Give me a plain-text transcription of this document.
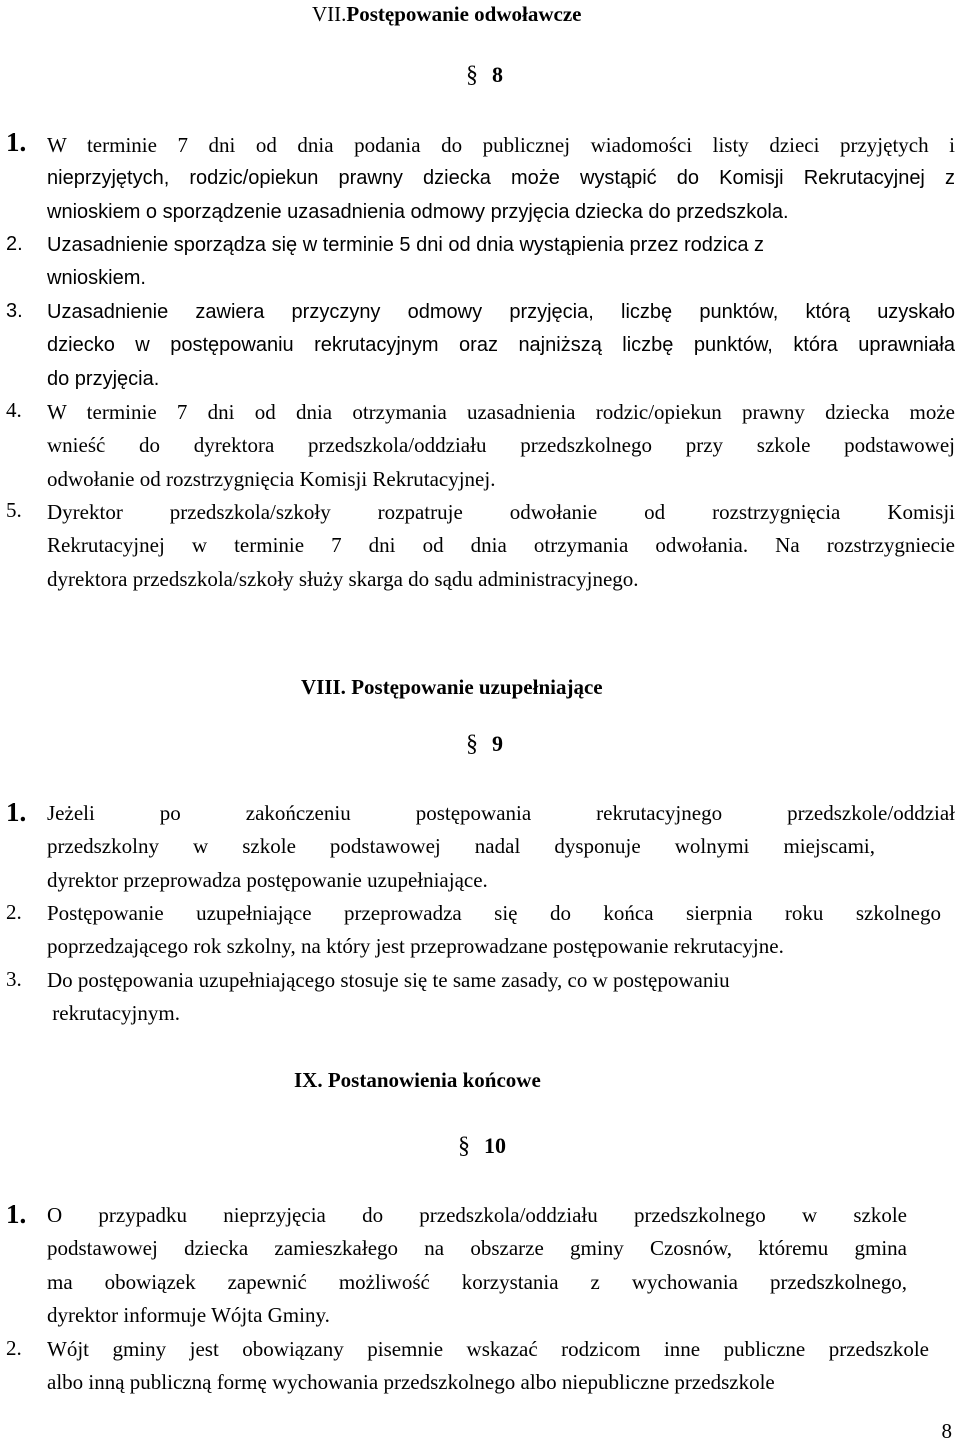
VII.Postępowanie odwoławcze
§ 8
1. W terminie 7 dni od dnia podania do publicznej wiadomości listy dzieci przyjętych i
nieprzyjętych, rodzic/opiekun prawny dziecka może wystąpić do Komisji Rekrutacyjnej z
wnioskiem o sporządzenie uzasadnienia odmowy przyjęcia dziecka do przedszkola.
2.	Uzasadnienie sporządza się w terminie 5 dni od dnia wystąpienia przez rodzica z
wnioskiem.
3.	Uzasadnienie zawiera przyczyny odmowy przyjęcia, liczbę punktów, którą uzyskało
dziecko w postępowaniu rekrutacyjnym oraz najniższą liczbę punktów, która uprawniała
do przyjęcia.
4.	W terminie 7 dni od dnia otrzymania uzasadnienia rodzic/opiekun prawny dziecka może
wnieść do dyrektora przedszkola/oddziału przedszkolnego przy szkole podstawowej
odwołanie od rozstrzygnięcia Komisji Rekrutacyjnej.
5.	Dyrektor przedszkola/szkoły rozpatruje odwołanie od rozstrzygnięcia Komisji
Rekrutacyjnej w terminie 7 dni od dnia otrzymania odwołania. Na rozstrzygniecie
dyrektora przedszkola/szkoły służy skarga do sądu administracyjnego.
VIII. Postępowanie uzupełniające
§ 9
1. Jeżeli po zakończeniu postępowania rekrutacyjnego przedszkole/oddział
przedszkolny w szkole podstawowej nadal dysponuje wolnymi miejscami,
dyrektor przeprowadza postępowanie uzupełniające.
2.	Postępowanie uzupełniające przeprowadza się do końca sierpnia roku szkolnego
poprzedzającego rok szkolny, na który jest przeprowadzane postępowanie rekrutacyjne.
3.	Do postępowania uzupełniającego stosuje się te same zasady, co w postępowaniu
rekrutacyjnym.
IX. Postanowienia końcowe
§ 10
1. O przypadku nieprzyjęcia do przedszkola/oddziału przedszkolnego w szkole
podstawowej dziecka zamieszkałego na obszarze gminy Czosnów, któremu gmina
ma obowiązek zapewnić możliwość korzystania z wychowania przedszkolnego,
dyrektor informuje Wójta Gminy.
2.	Wójt gminy jest obowiązany pisemnie wskazać rodzicom inne publiczne przedszkole
albo inną publiczną formę wychowania przedszkolnego albo niepubliczne przedszkole
8
